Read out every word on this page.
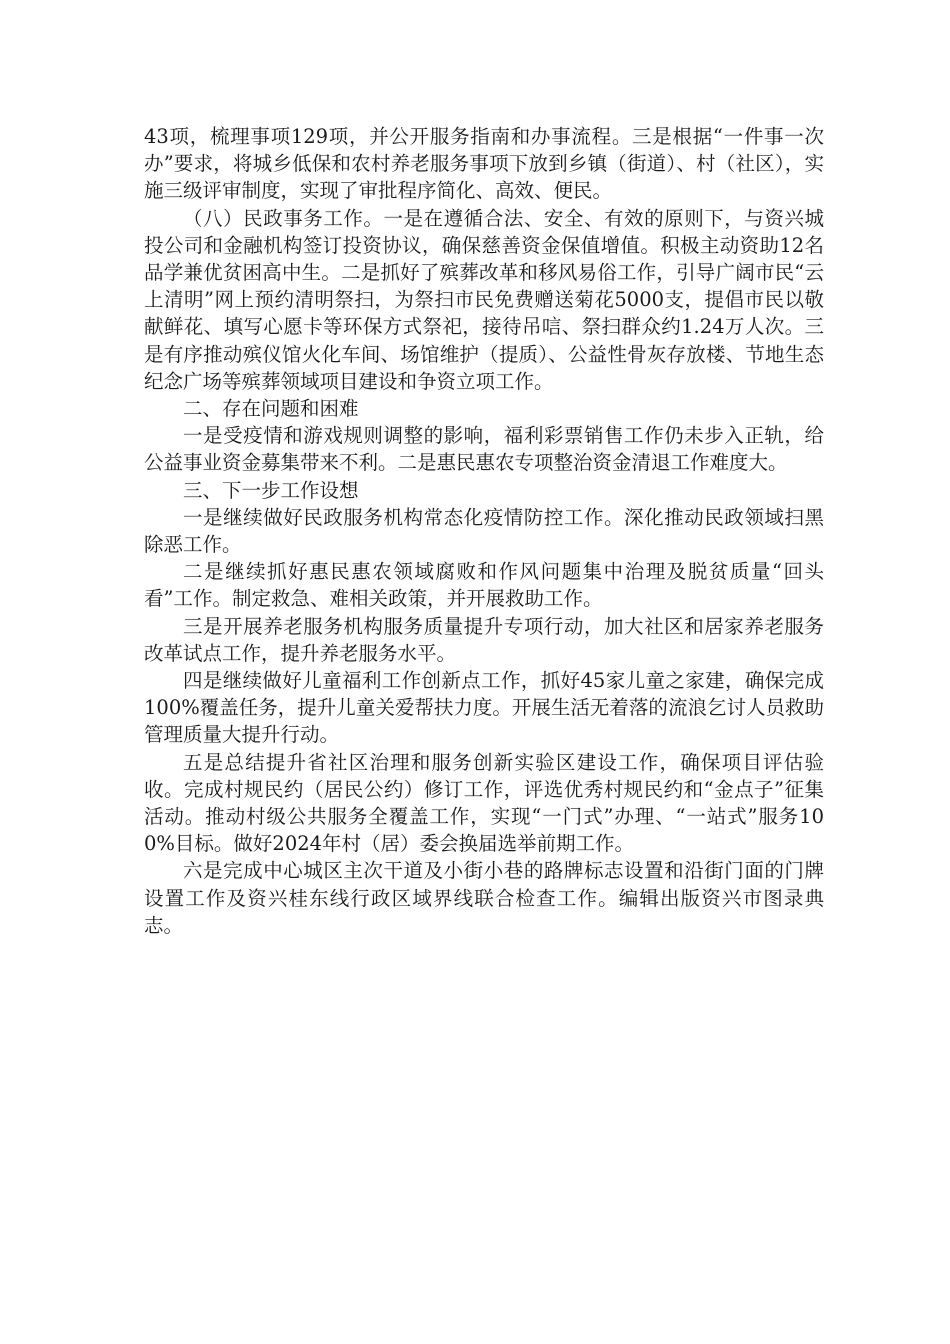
43项，梳理事项129项，并公开服务指南和办事流程。三是根据“一件事一次办”要求，将城乡低保和农村养老服务事项下放到乡镇（街道）、村（社区），实施三级评审制度，实现了审批程序简化、高效、便民。

（八）民政事务工作。一是在遵循合法、安全、有效的原则下，与资兴城投公司和金融机构签订投资协议，确保慈善资金保值增值。积极主动资助12名品学兼优贫困高中生。二是抓好了殡葬改革和移风易俗工作，引导广阔市民“云上清明”网上预约清明祭扫，为祭扫市民免费赠送菊花5000支，提倡市民以敬献鲜花、填写心愿卡等环保方式祭祀，接待吊唁、祭扫群众约1.24万人次。三是有序推动殡仪馆火化车间、场馆维护（提质）、公益性骨灰存放楼、节地生态纪念广场等殡葬领域项目建设和争资立项工作。

二、存在问题和困难

一是受疫情和游戏规则调整的影响，福利彩票销售工作仍未步入正轨，给公益事业资金募集带来不利。二是惠民惠农专项整治资金清退工作难度大。

三、下一步工作设想

一是继续做好民政服务机构常态化疫情防控工作。深化推动民政领域扫黑除恶工作。

二是继续抓好惠民惠农领域腐败和作风问题集中治理及脱贫质量“回头看”工作。制定救急、难相关政策，并开展救助工作。

三是开展养老服务机构服务质量提升专项行动，加大社区和居家养老服务改革试点工作，提升养老服务水平。

四是继续做好儿童福利工作创新点工作，抓好45家儿童之家建，确保完成100%覆盖任务，提升儿童关爱帮扶力度。开展生活无着落的流浪乞讨人员救助管理质量大提升行动。

五是总结提升省社区治理和服务创新实验区建设工作，确保项目评估验收。完成村规民约（居民公约）修订工作，评选优秀村规民约和“金点子”征集活动。推动村级公共服务全覆盖工作，实现“一门式”办理、“一站式”服务100%目标。做好2024年村（居）委会换届选举前期工作。

六是完成中心城区主次干道及小街小巷的路牌标志设置和沿街门面的门牌设置工作及资兴桂东线行政区域界线联合检查工作。编辑出版资兴市图录典志。
